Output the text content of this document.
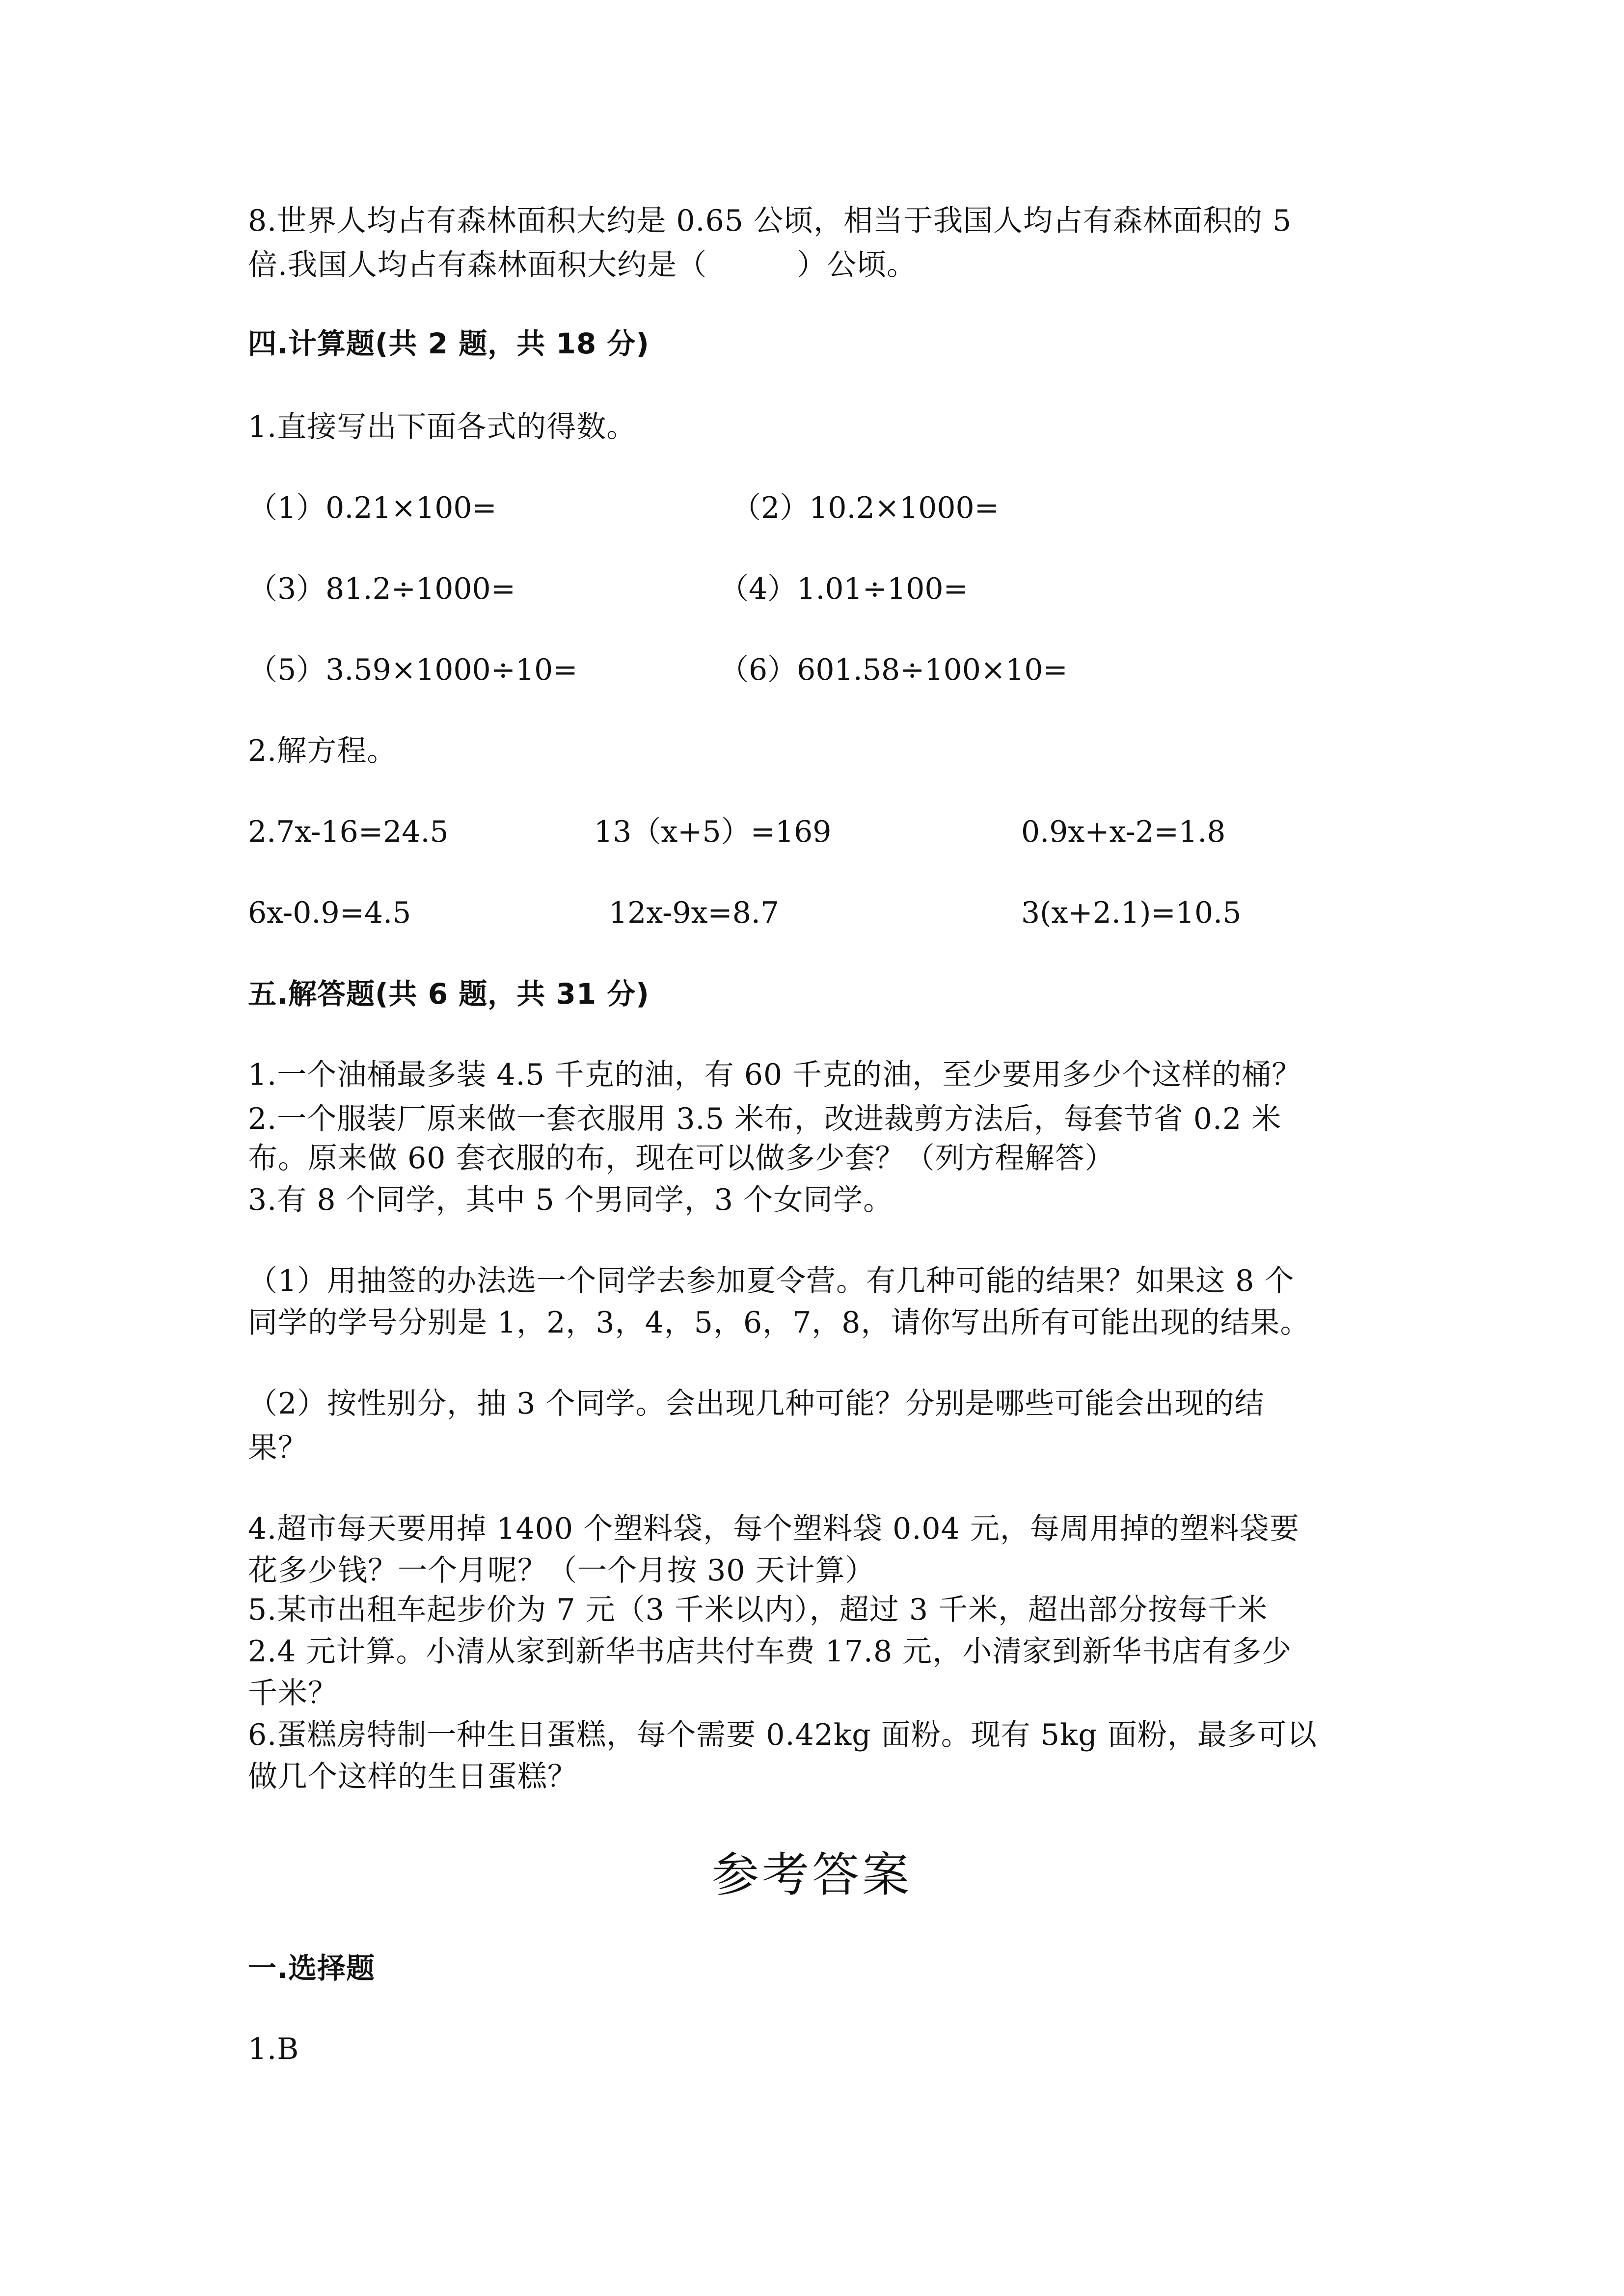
8.世界人均占有森林面积大约是 0.65 公顷，相当于我国人均占有森林面积的 5
倍.我国人均占有森林面积大约是（　　　）公顷。
四.计算题(共 2 题，共 18 分)
1.直接写出下面各式的得数。
（1）0.21×100=	（2）10.2×1000=
（3）81.2÷1000=	（4）1.01÷100=
（5）3.59×1000÷10=	（6）601.58÷100×10=
2.解方程。
2.7x-16=24.5	13（x+5）=169	0.9x+x-2=1.8
6x-0.9=4.5	12x-9x=8.7	3(x+2.1)=10.5
五.解答题(共 6 题，共 31 分)
1.一个油桶最多装 4.5 千克的油，有 60 千克的油，至少要用多少个这样的桶？
2.一个服装厂原来做一套衣服用 3.5 米布，改进裁剪方法后，每套节省 0.2 米
布。原来做 60 套衣服的布，现在可以做多少套？（列方程解答）
3.有 8 个同学，其中 5 个男同学，3 个女同学。
（1）用抽签的办法选一个同学去参加夏令营。有几种可能的结果？如果这 8 个
同学的学号分别是 1，2，3，4，5，6，7，8，请你写出所有可能出现的结果。
（2）按性别分，抽 3 个同学。会出现几种可能？分别是哪些可能会出现的结
果？
4.超市每天要用掉 1400 个塑料袋，每个塑料袋 0.04 元，每周用掉的塑料袋要
花多少钱？一个月呢？（一个月按 30 天计算）
5.某市出租车起步价为 7 元（3 千米以内），超过 3 千米，超出部分按每千米
2.4 元计算。小清从家到新华书店共付车费 17.8 元，小清家到新华书店有多少
千米？
6.蛋糕房特制一种生日蛋糕，每个需要 0.42kg 面粉。现有 5kg 面粉，最多可以
做几个这样的生日蛋糕？
参考答案
一.选择题
1.B
